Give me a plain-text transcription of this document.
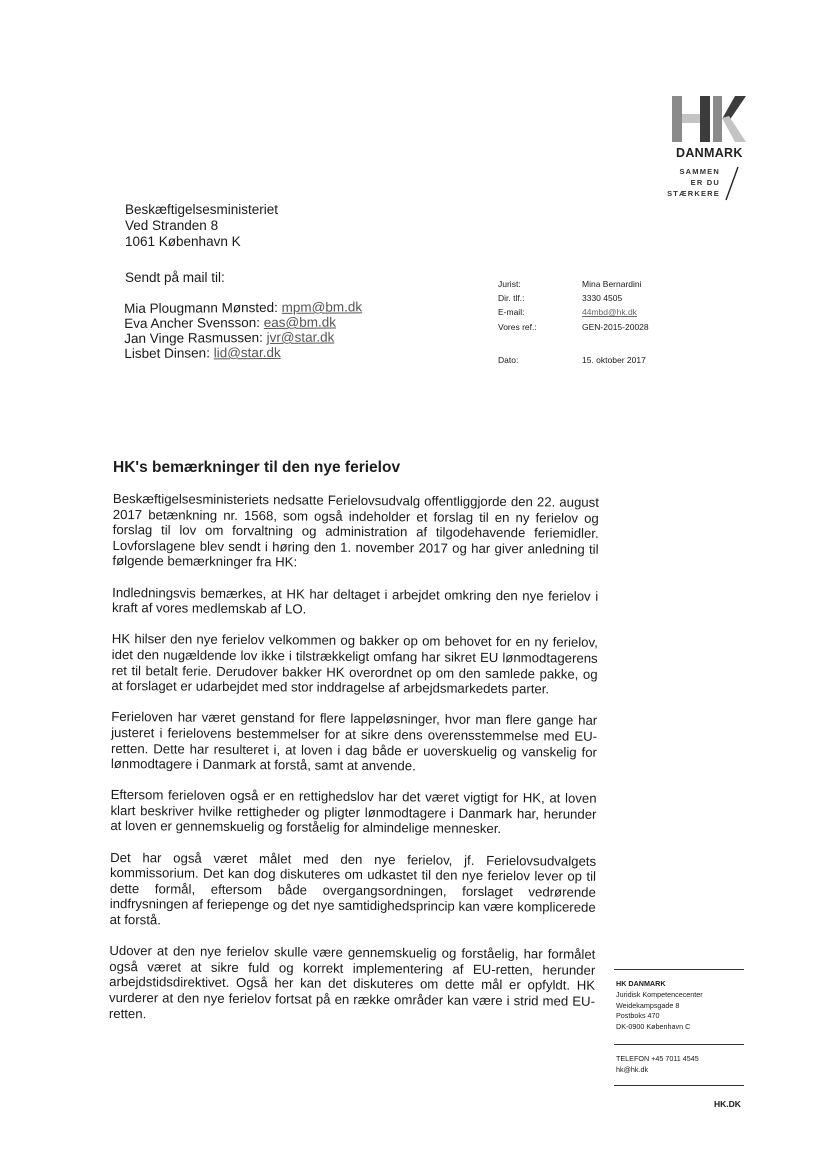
DANMARK
SAMMEN
ER DU
STÆRKERE
Beskæftigelsesministeriet
Ved Stranden 8
1061 København K
Sendt på mail til:
Mia Plougmann Mønsted: mpm@bm.dk
Eva Ancher Svensson: eas@bm.dk
Jan Vinge Rasmussen: jvr@star.dk
Lisbet Dinsen: lid@star.dk
Jurist:	Mina Bernardini
Dir. tlf.:	3330 4505
E-mail:	44mbd@hk.dk
Vores ref.:	GEN-2015-20028
Dato:	15. oktober 2017
HK's bemærkninger til den nye ferielov

Beskæftigelsesministeriets nedsatte Ferielovsudvalg offentliggjorde den 22. august 2017 betænkning nr. 1568, som også indeholder et forslag til en ny ferielov og forslag til lov om forvaltning og administration af tilgodehavende feriemidler. Lovforslagene blev sendt i høring den 1. november 2017 og har giver anledning til følgende bemærkninger fra HK:

Indledningsvis bemærkes, at HK har deltaget i arbejdet omkring den nye ferielov i kraft af vores medlemskab af LO.

HK hilser den nye ferielov velkommen og bakker op om behovet for en ny ferielov, idet den nugældende lov ikke i tilstrækkeligt omfang har sikret EU lønmodtagerens ret til betalt ferie. Derudover bakker HK overordnet op om den samlede pakke, og at forslaget er udarbejdet med stor inddragelse af arbejdsmarkedets parter.

Ferieloven har været genstand for flere lappeløsninger, hvor man flere gange har justeret i ferielovens bestemmelser for at sikre dens overensstemmelse med EU-retten. Dette har resulteret i, at loven i dag både er uoverskuelig og vanskelig for lønmodtagere i Danmark at forstå, samt at anvende.

Eftersom ferieloven også er en rettighedslov har det været vigtigt for HK, at loven klart beskriver hvilke rettigheder og pligter lønmodtagere i Danmark har, herunder at loven er gennemskuelig og forståelig for almindelige mennesker.

Det har også været målet med den nye ferielov, jf. Ferielovsudvalgets kommissorium. Det kan dog diskuteres om udkastet til den nye ferielov lever op til dette formål, eftersom både overgangsordningen, forslaget vedrørende indfrysningen af feriepenge og det nye samtidighedsprincip kan være komplicerede at forstå.

Udover at den nye ferielov skulle være gennemskuelig og forståelig, har formålet også været at sikre fuld og korrekt implementering af EU-retten, herunder arbejdstidsdirektivet. Også her kan det diskuteres om dette mål er opfyldt. HK vurderer at den nye ferielov fortsat på en række områder kan være i strid med EU-retten.

HK DANMARK
Juridisk Kompetencecenter
Weidekampsgade 8
Postboks 470
DK-0900 København C
TELEFON +45 7011 4545
hk@hk.dk
HK.DK
